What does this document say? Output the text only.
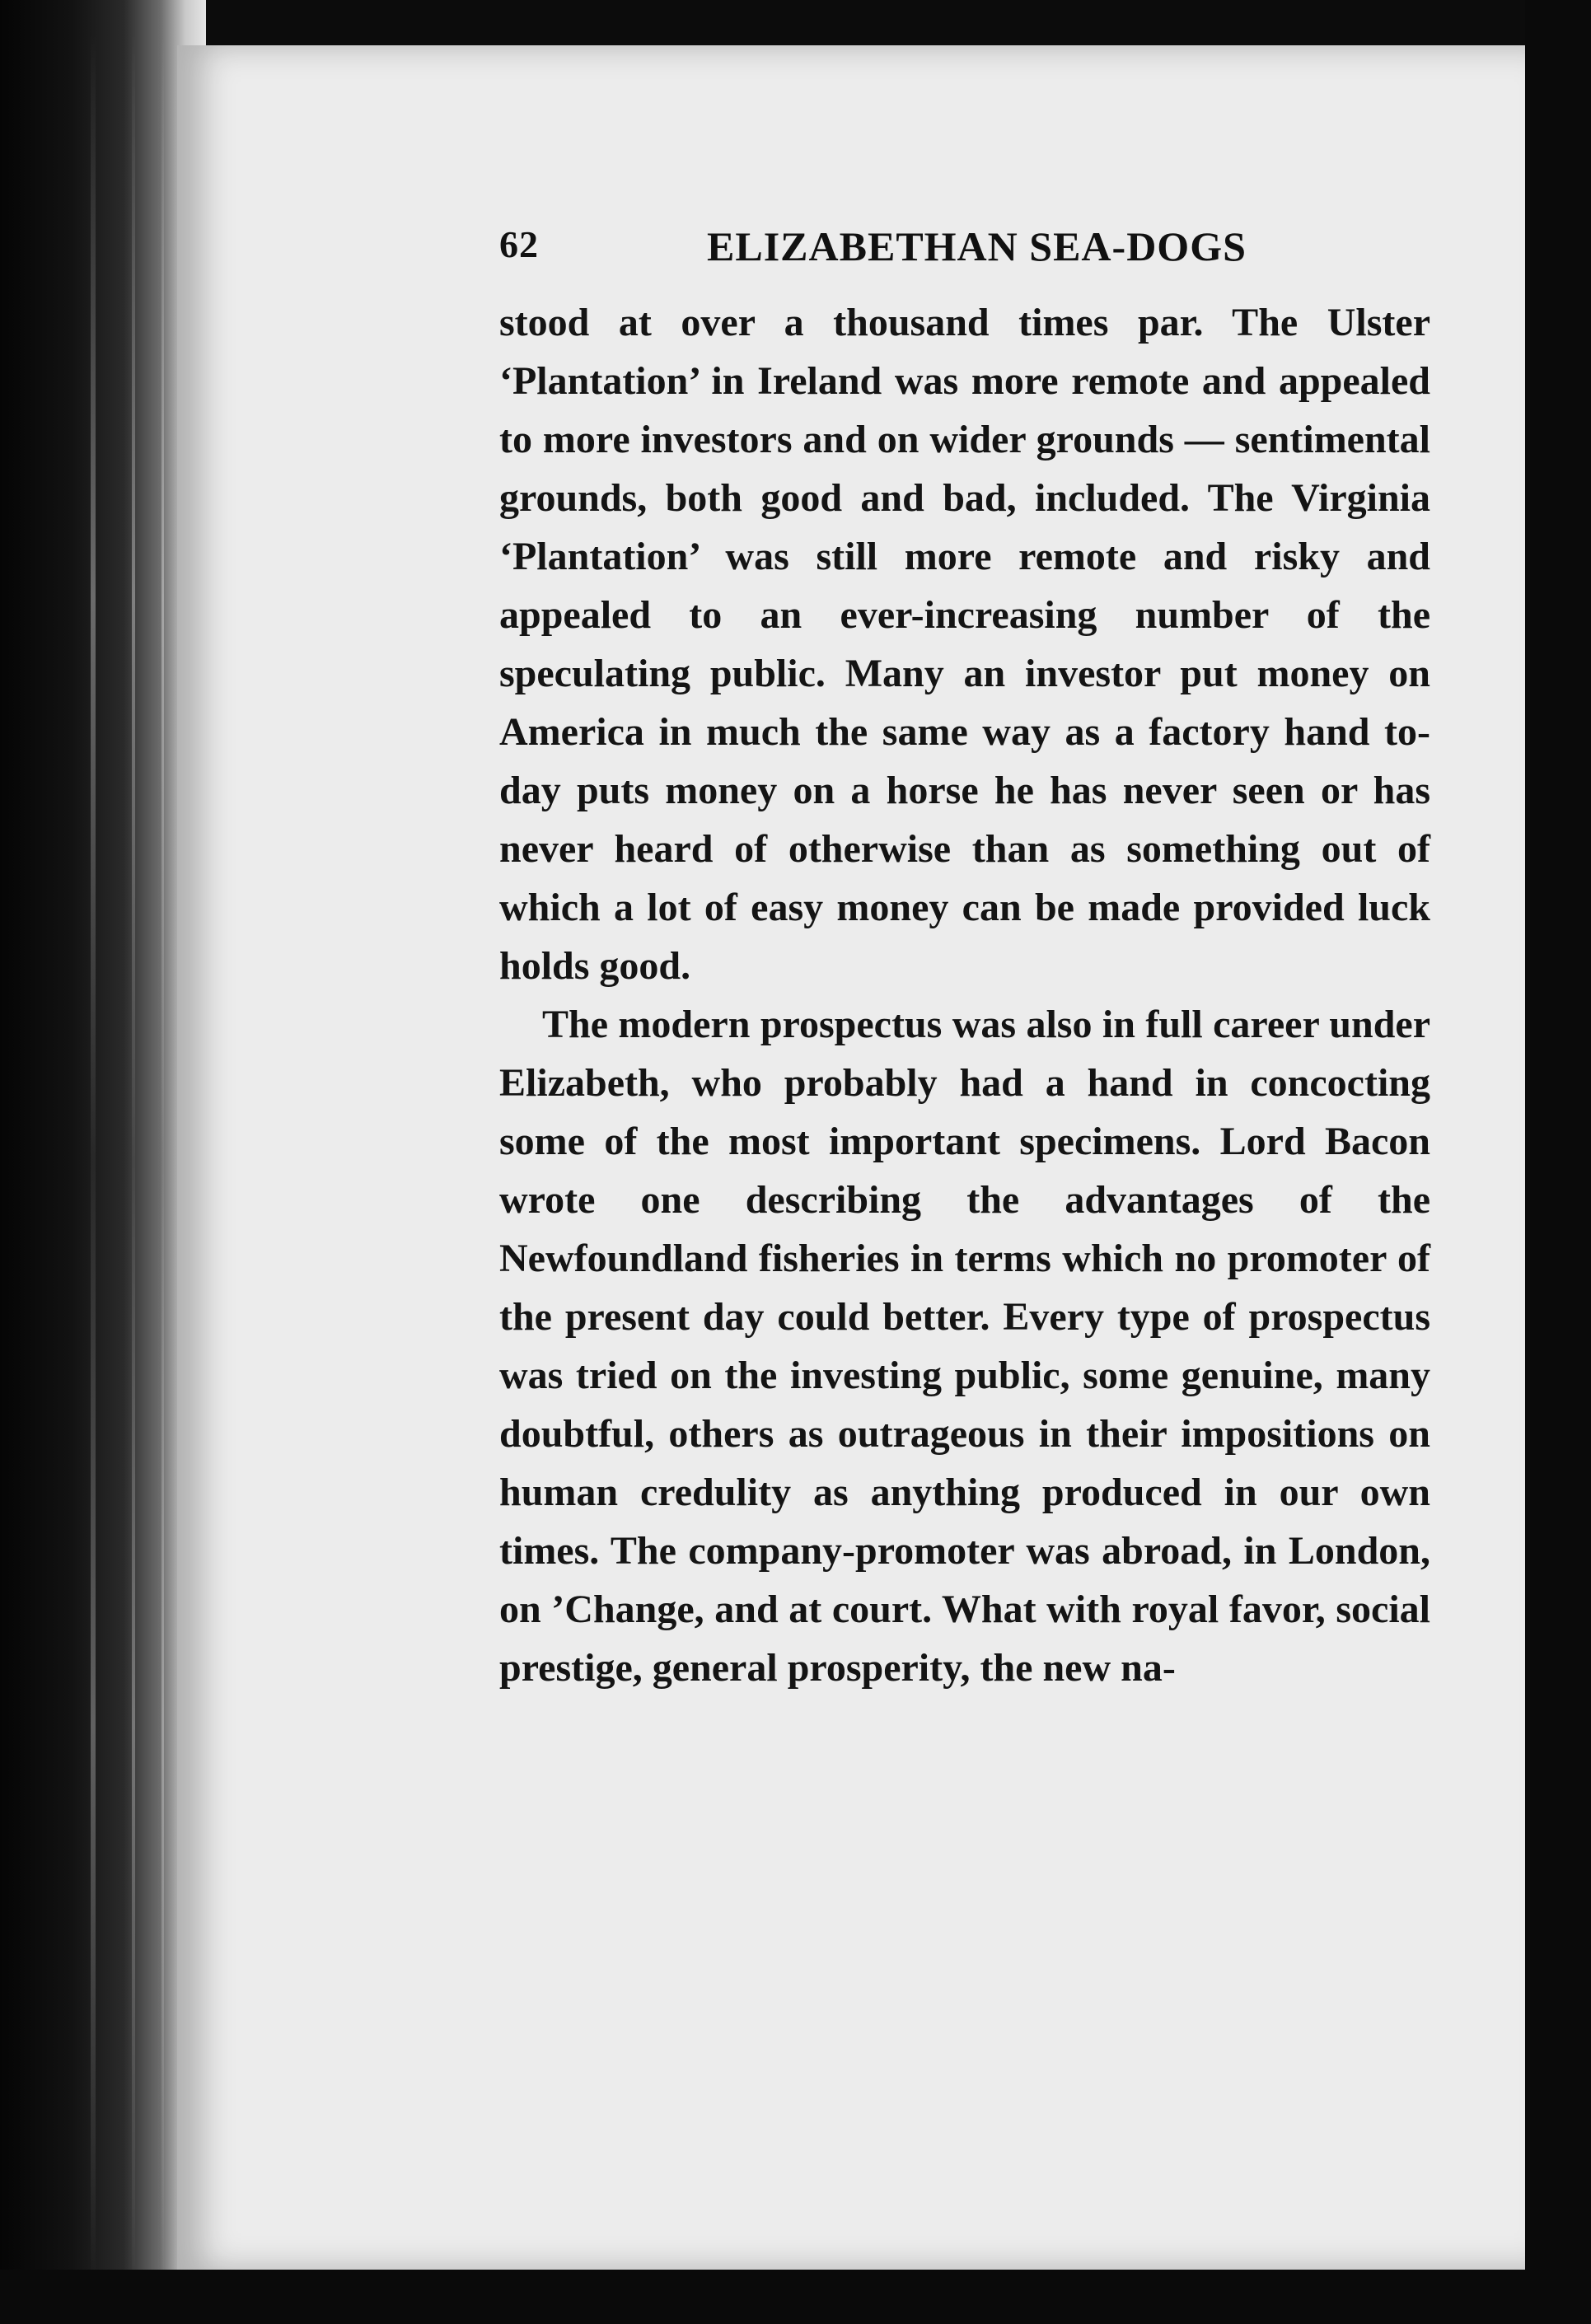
62	ELIZABETHAN SEA-DOGS

stood at over a thousand times par. The Ulster ‘Plantation’ in Ireland was more remote and appealed to more investors and on wider grounds — sentimental grounds, both good and bad, included. The Virginia ‘Plantation’ was still more remote and risky and appealed to an ever-increasing number of the speculating public. Many an investor put money on America in much the same way as a factory hand to-day puts money on a horse he has never seen or has never heard of otherwise than as something out of which a lot of easy money can be made provided luck holds good.

The modern prospectus was also in full career under Elizabeth, who probably had a hand in concocting some of the most important specimens. Lord Bacon wrote one describing the advantages of the Newfoundland fisheries in terms which no promoter of the present day could better. Every type of prospectus was tried on the investing public, some genuine, many doubtful, others as outrageous in their impositions on human credulity as anything produced in our own times. The company-promoter was abroad, in London, on ’Change, and at court. What with royal favor, social prestige, general prosperity, the new na-
